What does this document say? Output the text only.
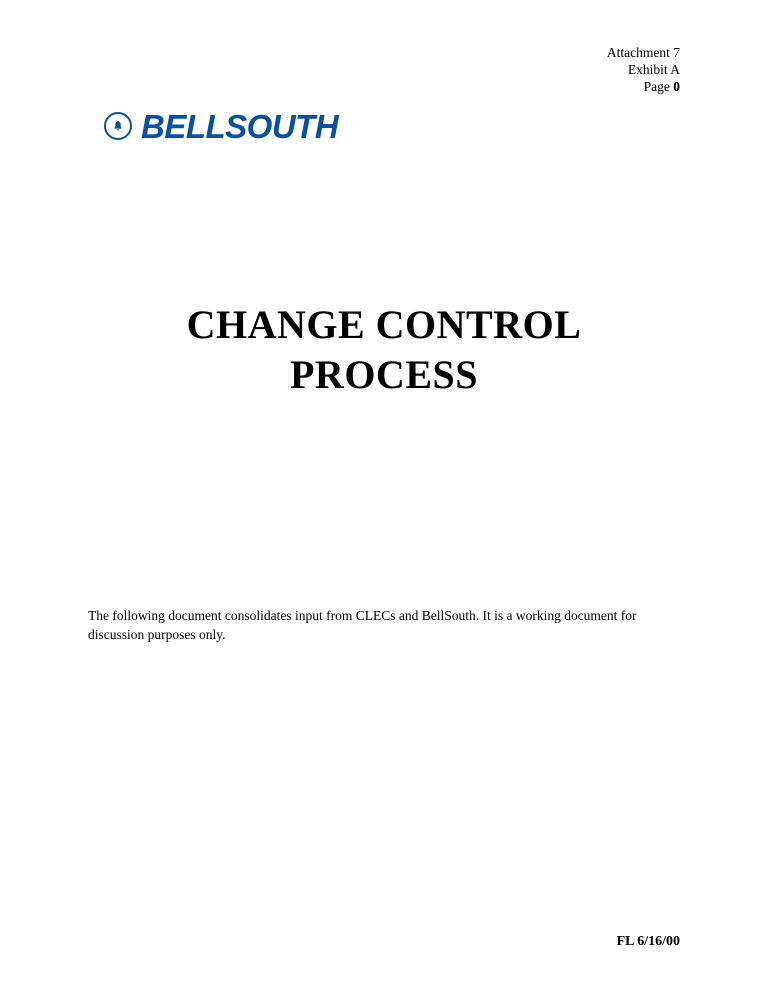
Attachment 7
Exhibit A
Page 0
BELLSOUTH
CHANGE CONTROL
PROCESS

The following document consolidates input from CLECs and BellSouth. It is a working document for discussion purposes only.

FL 6/16/00
